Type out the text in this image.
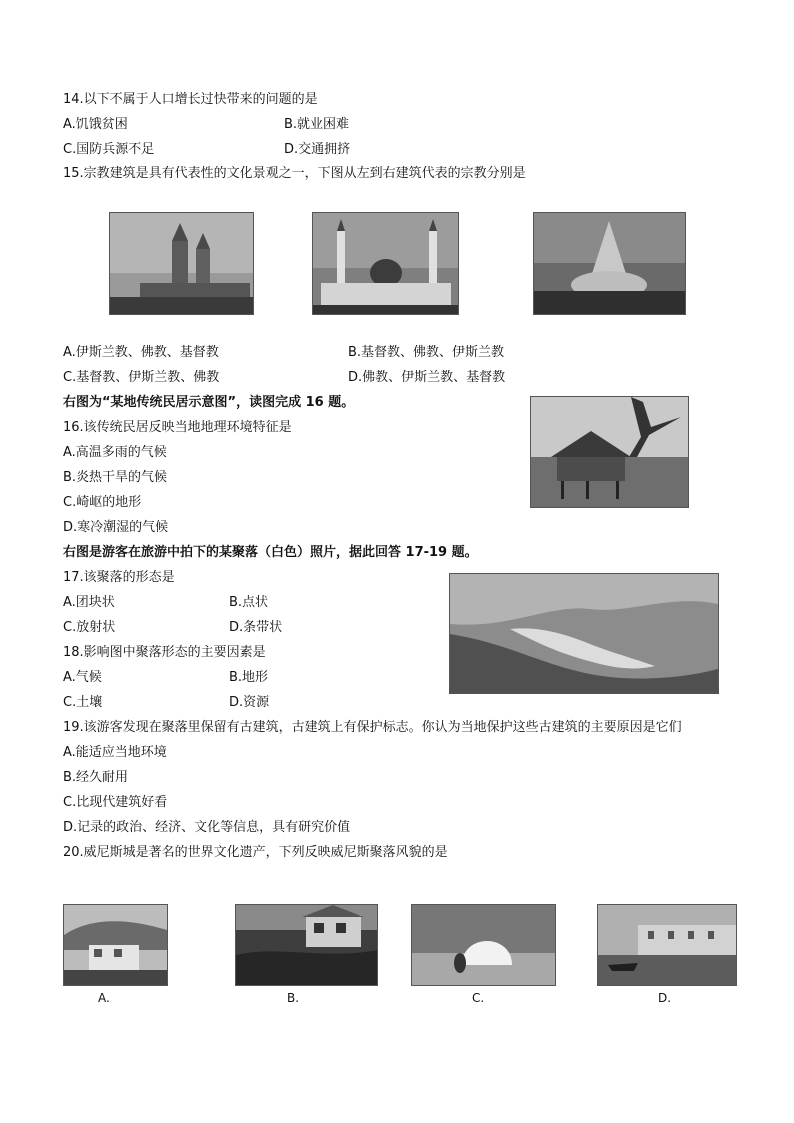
14.以下不属于人口增长过快带来的问题的是
A.饥饿贫困	B.就业困难
C.国防兵源不足	D.交通拥挤
15.宗教建筑是具有代表性的文化景观之一，下图从左到右建筑代表的宗教分别是
A.伊斯兰教、佛教、基督教	B.基督教、佛教、伊斯兰教
C.基督教、伊斯兰教、佛教	D.佛教、伊斯兰教、基督教
右图为“某地传统民居示意图”，读图完成 16 题。
16.该传统民居反映当地地理环境特征是
A.高温多雨的气候
B.炎热干旱的气候
C.崎岖的地形
D.寒冷潮湿的气候
右图是游客在旅游中拍下的某聚落（白色）照片，据此回答 17-19 题。
17.该聚落的形态是
A.团块状	B.点状
C.放射状	D.条带状
18.影响图中聚落形态的主要因素是
A.气候	B.地形
C.土壤	D.资源
19.该游客发现在聚落里保留有古建筑，古建筑上有保护标志。你认为当地保护这些古建筑的主要原因是它们
A.能适应当地环境
B.经久耐用
C.比现代建筑好看
D.记录的政治、经济、文化等信息，具有研究价值
20.威尼斯城是著名的世界文化遗产，下列反映威尼斯聚落风貌的是
A.	B.	C.	D.
